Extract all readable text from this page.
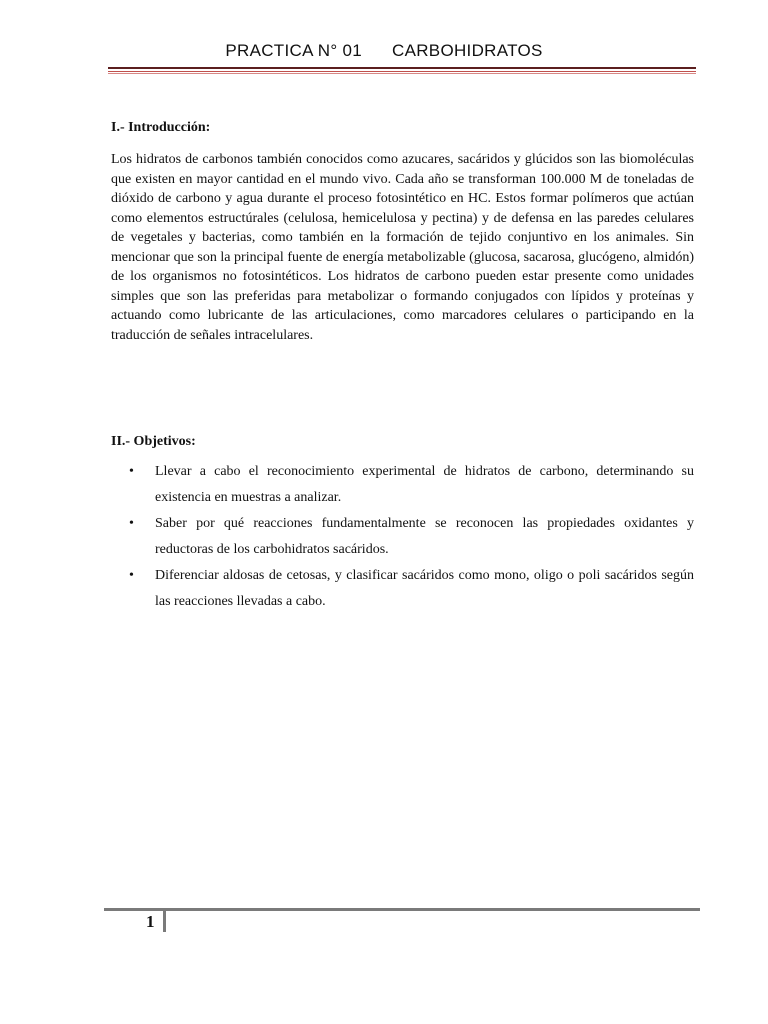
PRACTICA N° 01 CARBOHIDRATOS
I.- Introducción:

Los hidratos de carbonos también conocidos como azucares, sacáridos y glúcidos son las biomoléculas que existen en mayor cantidad en el mundo vivo. Cada año se transforman 100.000 M de toneladas de dióxido de carbono y agua durante el proceso fotosintético en HC. Estos formar polímeros que actúan como elementos estructúrales (celulosa, hemicelulosa y pectina) y de defensa en las paredes celulares de vegetales y bacterias, como también en la formación de tejido conjuntivo en los animales. Sin mencionar que son la principal fuente de energía metabolizable (glucosa, sacarosa, glucógeno, almidón) de los organismos no fotosintéticos. Los hidratos de carbono pueden estar presente como unidades simples que son las preferidas para metabolizar o formando conjugados con lípidos y proteínas y actuando como lubricante de las articulaciones, como marcadores celulares o participando en la traducción de señales intracelulares.

II.- Objetivos:
• Llevar a cabo el reconocimiento experimental de hidratos de carbono, determinando su existencia en muestras a analizar.
• Saber por qué reacciones fundamentalmente se reconocen las propiedades oxidantes y reductoras de los carbohidratos sacáridos.
• Diferenciar aldosas de cetosas, y clasificar sacáridos como mono, oligo o poli sacáridos según las reacciones llevadas a cabo.
1
